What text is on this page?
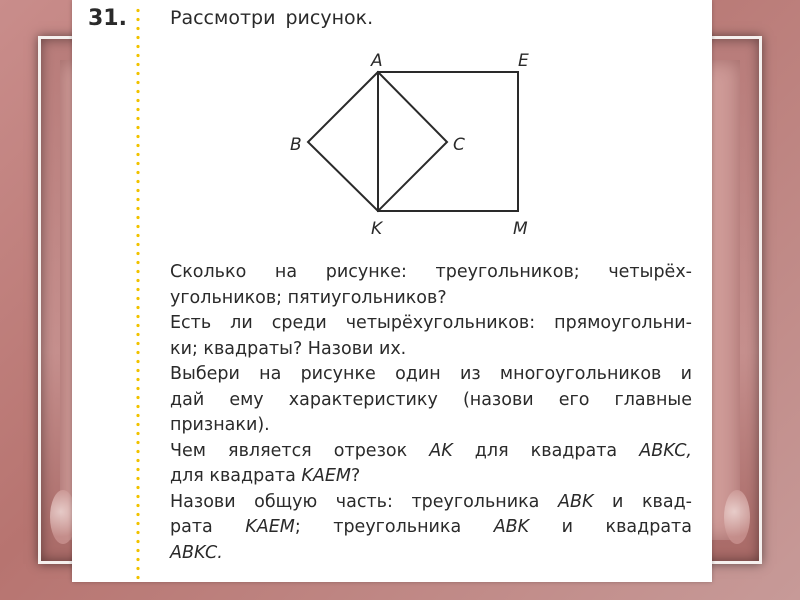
31. Рассмотри рисунок.
A	E
B	C
K	M

Сколько на рисунке: треугольников; четырёх-
угольников; пятиугольников?

Есть ли среди четырёхугольников: прямоугольни-
ки; квадраты? Назови их.

Выбери на рисунке один из многоугольников и
дай ему характеристику (назови его главные
признаки).

Чем является отрезок AK для квадрата ABKC,
для квадрата KAEM?

Назови общую часть: треугольника ABK и квад-
рата KAEM; треугольника ABK и квадрата
ABKC.
